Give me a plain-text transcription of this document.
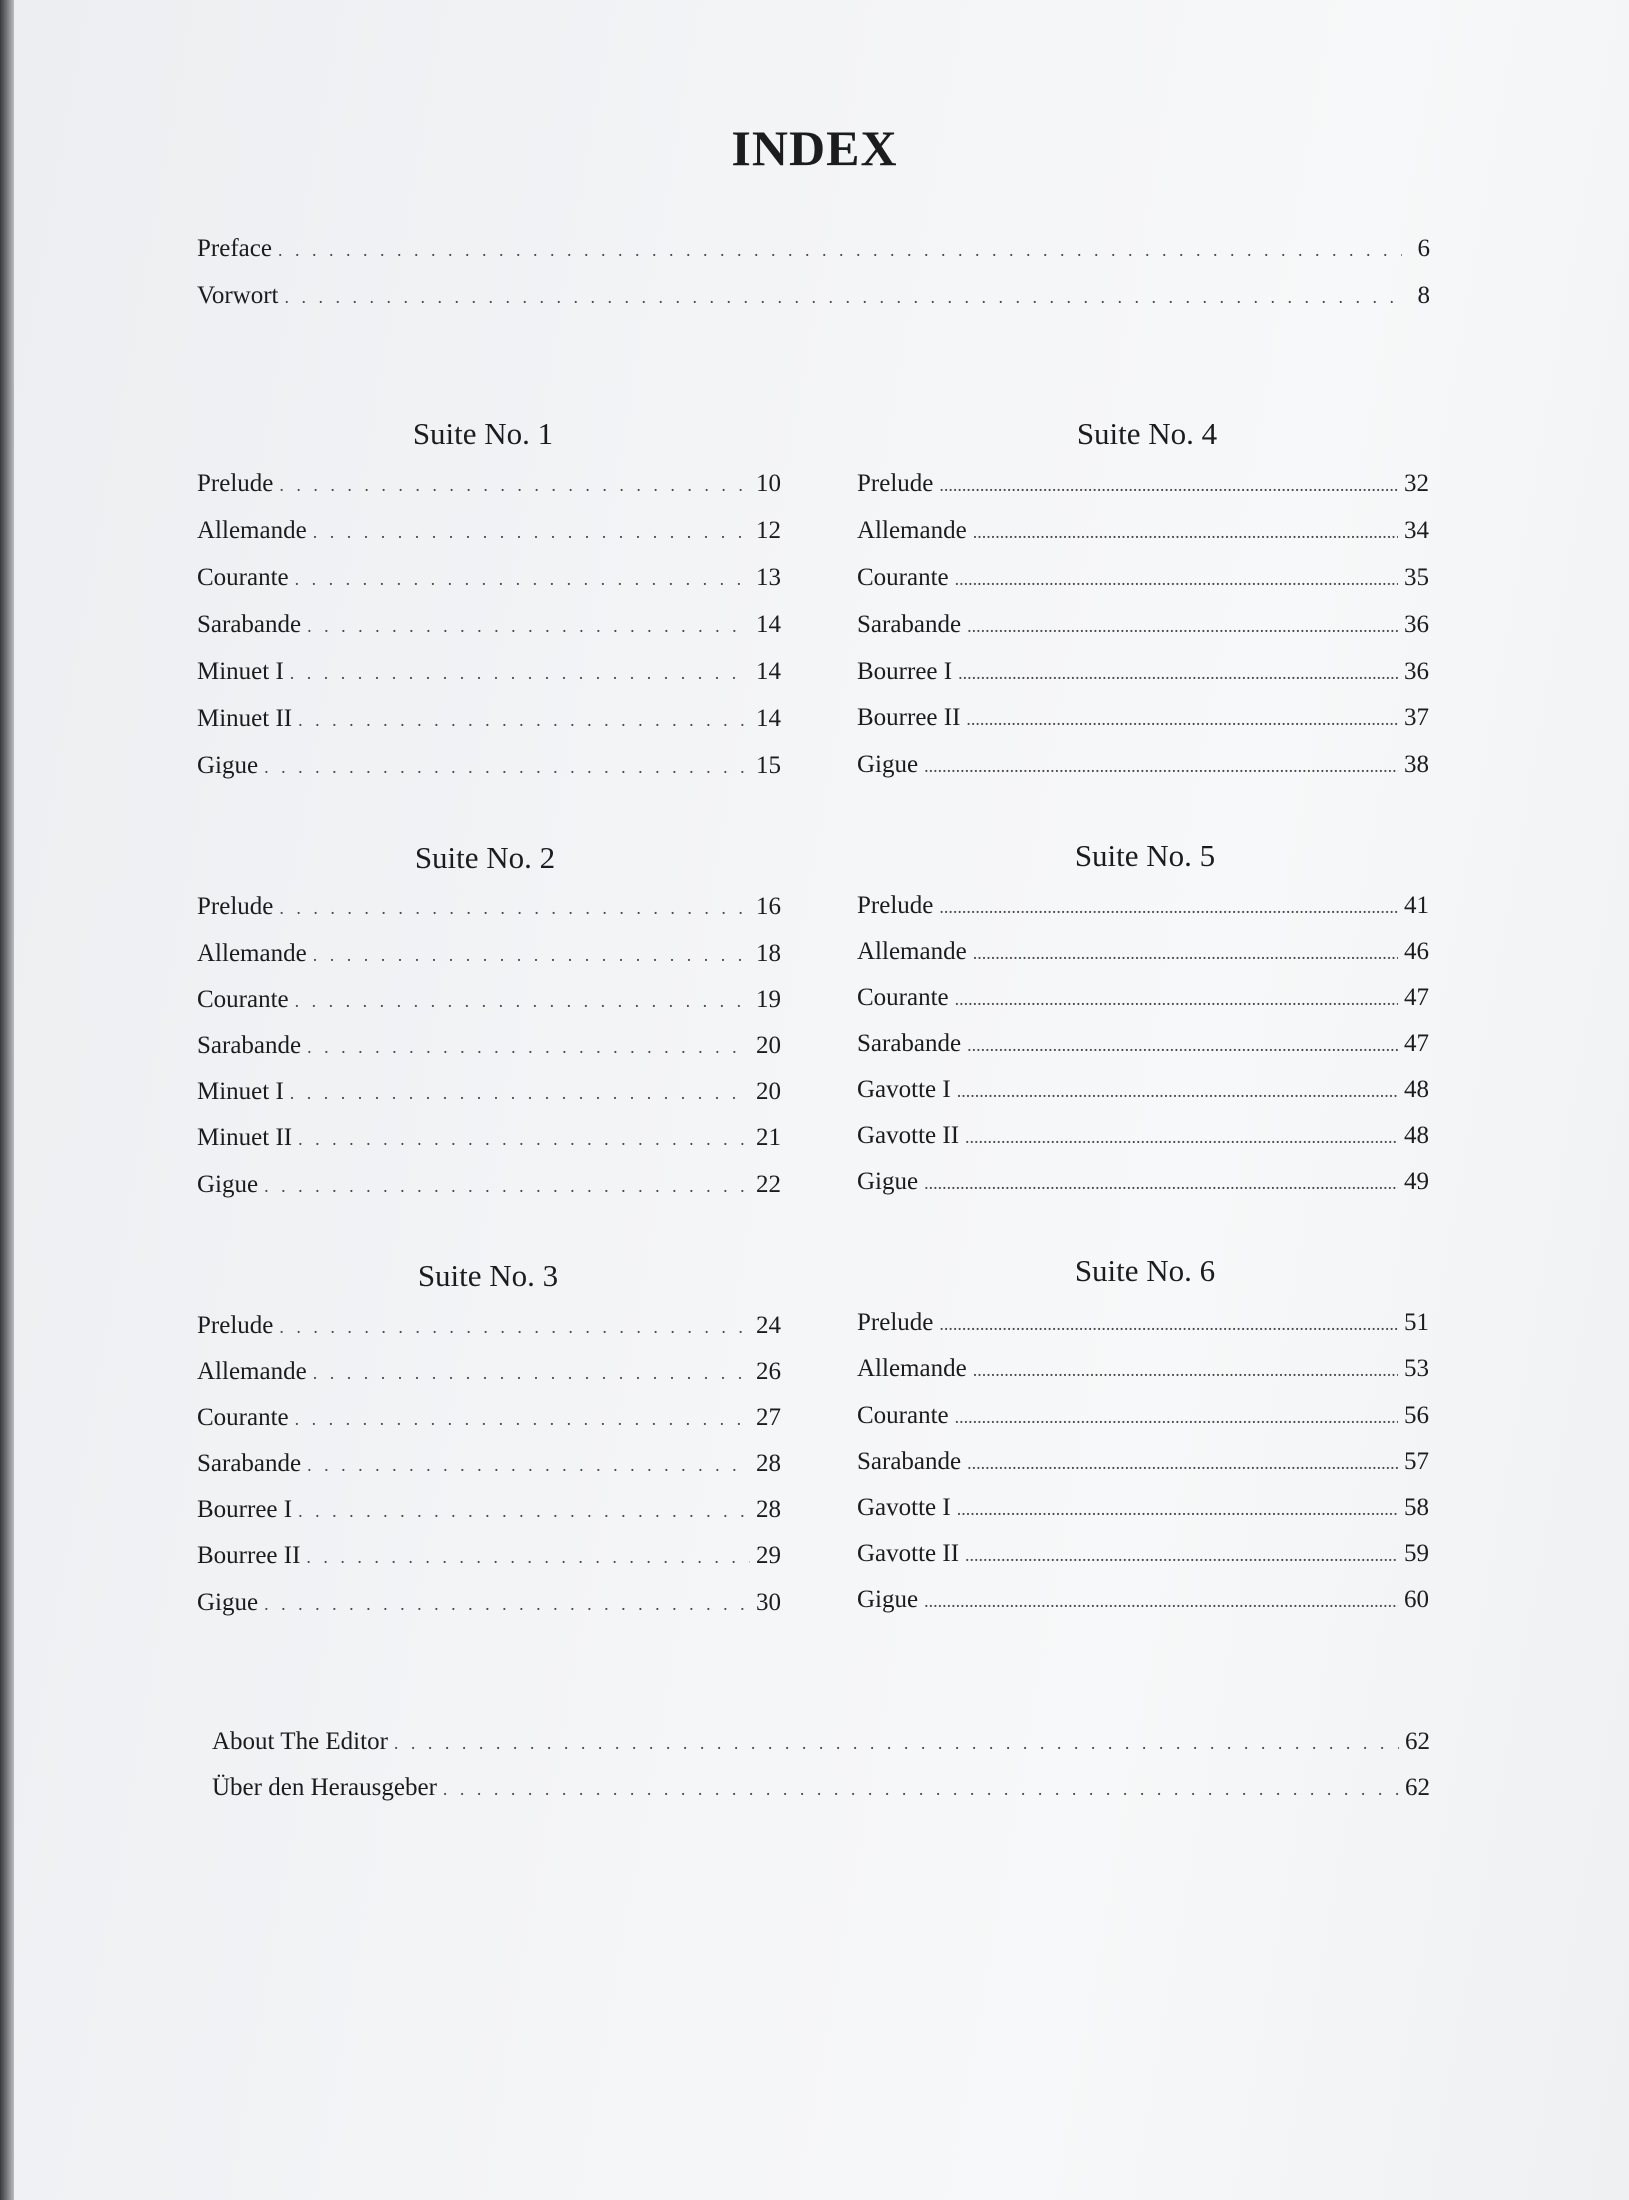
INDEX
Preface . . .	6
Vorwort . . .	8
Suite No. 1
Prelude . . .	10
Allemande . . .	12
Courante . . .	13
Sarabande . . .	14
Minuet I . . .	14
Minuet II . . .	14
Gigue . . .	15
Suite No. 2
Prelude . . .	16
Allemande . . .	18
Courante . . .	19
Sarabande . . .	20
Minuet I . . .	20
Minuet II . . .	21
Gigue . . .	22
Suite No. 3
Prelude . . .	24
Allemande . . .	26
Courante . . .	27
Sarabande . . .	28
Bourree I . . .	28
Bourree II . . .	29
Gigue . . .	30
Suite No. 4
Prelude .....	32
Allemande .....	34
Courante .....	35
Sarabande .....	36
Bourree I .....	36
Bourree II .....	37
Gigue .....	38
Suite No. 5
Prelude .....	41
Allemande .....	46
Courante .....	47
Sarabande .....	47
Gavotte I .....	48
Gavotte II .....	48
Gigue .....	49
Suite No. 6
Prelude .....	51
Allemande .....	53
Courante .....	56
Sarabande .....	57
Gavotte I .....	58
Gavotte II .....	59
Gigue .....	60
About The Editor . . .	62
Über den Herausgeber . . .	62
